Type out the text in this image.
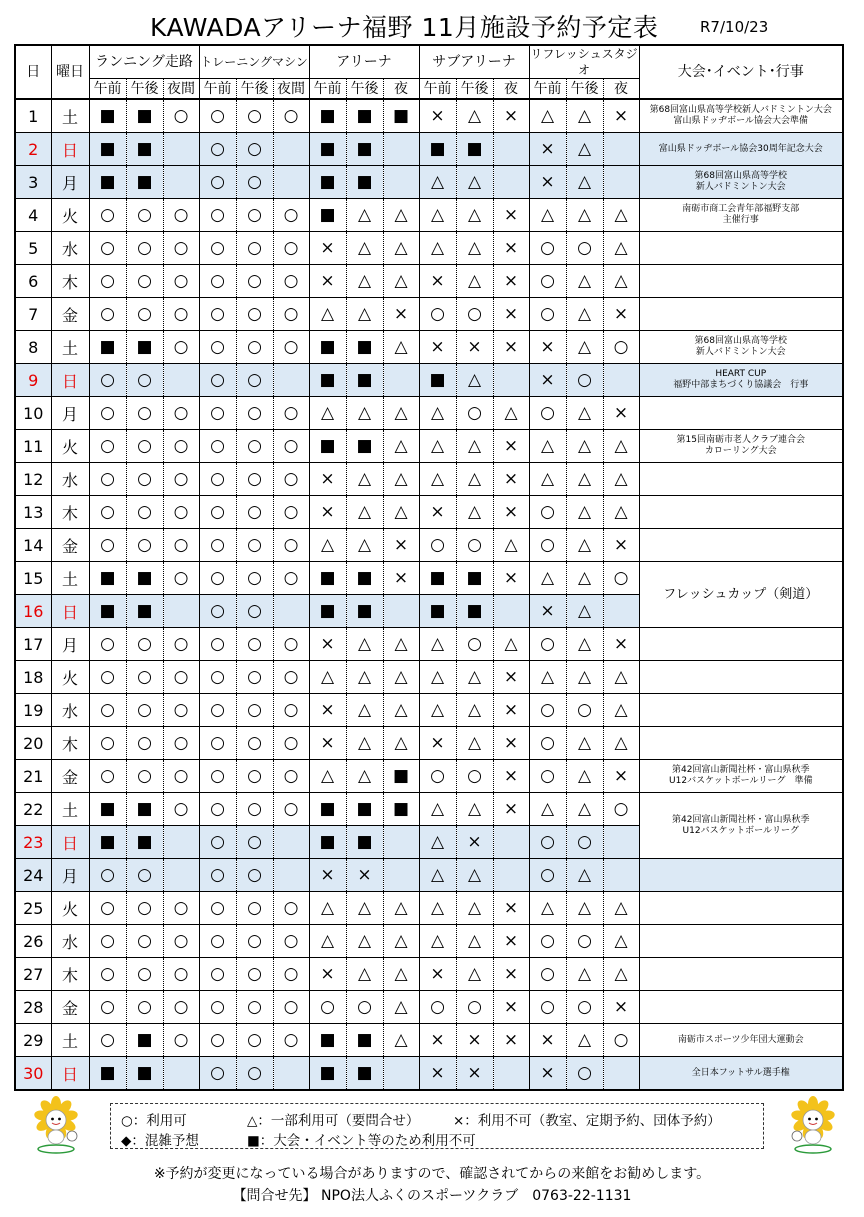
KAWADAアリーナ福野 11月施設予約予定表	R7/10/23
日	曜日	ランニング走路			トレーニングマシン			アリーナ			サブアリーナ			リフレッシュスタジオ			大会･イベント･行事
		午前	午後	夜間	午前	午後	夜間	午前	午後	夜	午前	午後	夜	午前	午後	夜	
1	土	■	■	○	○	○	○	■	■	■	×	△	×	△	△	×	第68回富山県高等学校新人バドミントン大会
富山県ドッヂボール協会大会準備
2	日	■	■		○	○		■	■		■	■		×	△		富山県ドッヂボール協会30周年記念大会
3	月	■	■		○	○		■	■		△	△		×	△		第68回富山県高等学校
新人バドミントン大会
4	火	○	○	○	○	○	○	■	△	△	△	△	×	△	△	△	南砺市商工会青年部福野支部
主催行事
5	水	○	○	○	○	○	○	×	△	△	△	△	×	○	○	△	
6	木	○	○	○	○	○	○	×	△	△	×	△	×	○	△	△	
7	金	○	○	○	○	○	○	△	△	×	○	○	×	○	△	×	
8	土	■	■	○	○	○	○	■	■	△	×	×	×	×	△	○	第68回富山県高等学校
新人バドミントン大会
9	日	○	○		○	○		■	■		■	△		×	○		HEART CUP
福野中部まちづくり協議会　行事
10	月	○	○	○	○	○	○	△	△	△	△	○	△	○	△	×	
11	火	○	○	○	○	○	○	■	■	△	△	△	×	△	△	△	第15回南砺市老人クラブ連合会
カローリング大会
12	水	○	○	○	○	○	○	×	△	△	△	△	×	△	△	△	
13	木	○	○	○	○	○	○	×	△	△	×	△	×	○	△	△	
14	金	○	○	○	○	○	○	△	△	×	○	○	△	○	△	×	
15	土	■	■	○	○	○	○	■	■	×	■	■	×	△	△	○	フレッシュカップ（剣道）
16	日	■	■		○	○		■	■		■	■		×	△		
17	月	○	○	○	○	○	○	×	△	△	△	○	△	○	△	×	
18	火	○	○	○	○	○	○	△	△	△	△	△	×	△	△	△	
19	水	○	○	○	○	○	○	×	△	△	△	△	×	○	○	△	
20	木	○	○	○	○	○	○	×	△	△	×	△	×	○	△	△	
21	金	○	○	○	○	○	○	△	△	■	○	○	×	○	△	×	第42回富山新聞社杯・富山県秋季
U12バスケットボールリーグ　準備
22	土	■	■	○	○	○	○	■	■	■	△	△	×	△	△	○	第42回富山新聞社杯・富山県秋季
U12バスケットボールリーグ
23	日	■	■		○	○		■	■		△	×		○	○		
24	月	○	○		○	○		×	×		△	△		○	△		
25	火	○	○	○	○	○	○	△	△	△	△	△	×	△	△	△	
26	水	○	○	○	○	○	○	△	△	△	△	△	×	○	○	△	
27	木	○	○	○	○	○	○	×	△	△	×	△	×	○	△	△	
28	金	○	○	○	○	○	○	○	○	△	○	○	×	○	○	×	
29	土	○	■	○	○	○	○	■	■	△	×	×	×	×	△	○	南砺市スポーツ少年団大運動会
30	日	■	■		○	○		■	■		×	×		×	○		全日本フットサル選手権
○：利用可	△：一部利用可（要問合せ） ×：利用不可（教室、定期予約、団体予約）
◆：混雑予想	■：大会・イベント等のため利用不可
※予約が変更になっている場合がありますので、確認されてからの来館をお勧めします。
【問合せ先】 NPO法人ふくのスポーツクラブ　0763-22-1131
